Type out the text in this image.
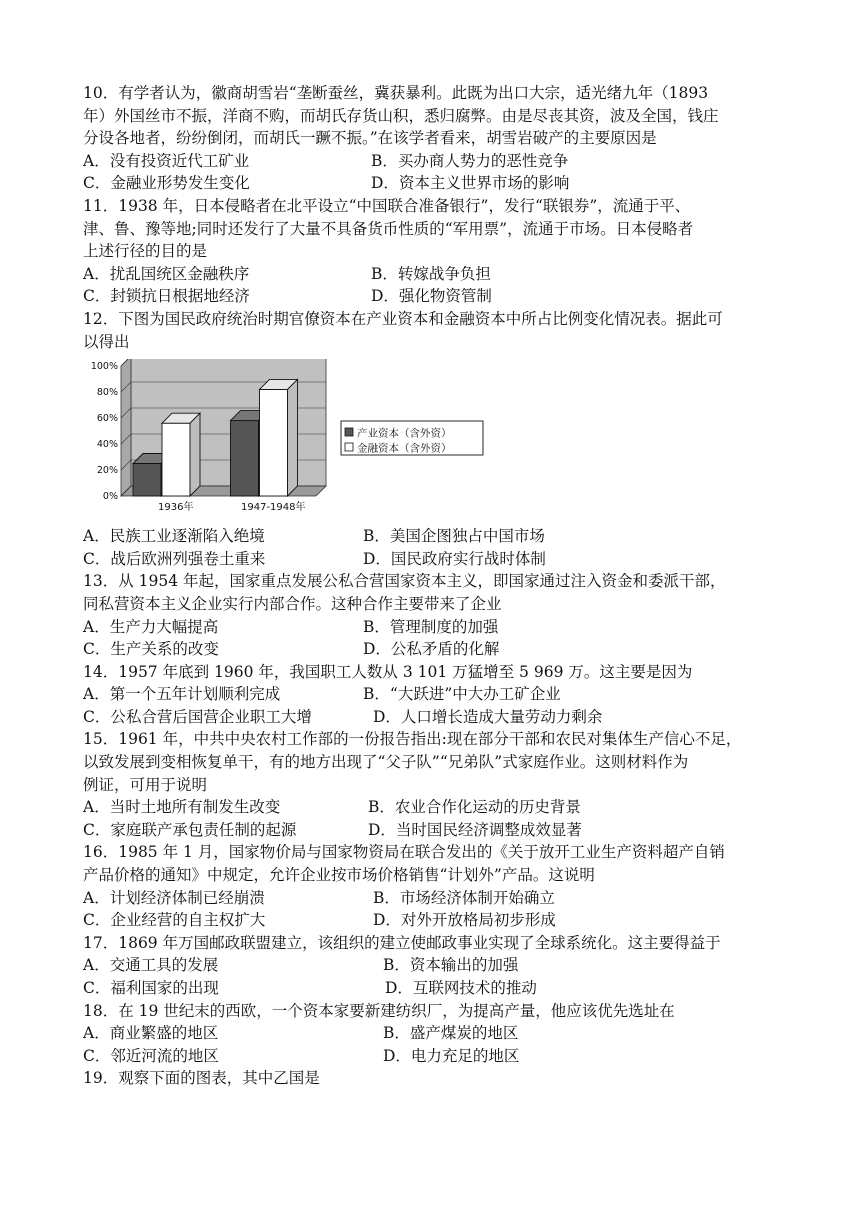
10．有学者认为，徽商胡雪岩“垄断蚕丝，冀获暴利。此既为出口大宗，适光绪九年（1893
年）外国丝市不振，洋商不购，而胡氏存货山积，悉归腐弊。由是尽丧其资，波及全国，钱庄
分设各地者，纷纷倒闭，而胡氏一蹶不振。”在该学者看来，胡雪岩破产的主要原因是
A．没有投资近代工矿业	B．买办商人势力的恶性竞争
C．金融业形势发生变化	D．资本主义世界市场的影响
11．1938 年，日本侵略者在北平设立“中国联合准备银行”，发行“联银券”，流通于平、
津、鲁、豫等地;同时还发行了大量不具备货币性质的“军用票”，流通于市场。日本侵略者
上述行径的目的是
A．扰乱国统区金融秩序	B．转嫁战争负担
C．封锁抗日根据地经济	D．强化物资管制
12．下图为国民政府统治时期官僚资本在产业资本和金融资本中所占比例变化情况表。据此可
以得出
0%
20%
40%
60%
80%
100%
1936年	1947-1948年
产业资本（含外资）
金融资本（含外资）
A．民族工业逐渐陷入绝境	B．美国企图独占中国市场
C．战后欧洲列强卷土重来	D．国民政府实行战时体制
13．从 1954 年起，国家重点发展公私合营国家资本主义，即国家通过注入资金和委派干部，
同私营资本主义企业实行内部合作。这种合作主要带来了企业
A．生产力大幅提高	B．管理制度的加强
C．生产关系的改变	D．公私矛盾的化解
14．1957 年底到 1960 年，我国职工人数从 3 101 万猛增至 5 969 万。这主要是因为
A．第一个五年计划顺利完成	B．“大跃进”中大办工矿企业
C．公私合营后国营企业职工大增	D．人口增长造成大量劳动力剩余
15．1961 年，中共中央农村工作部的一份报告指出:现在部分干部和农民对集体生产信心不足，
以致发展到变相恢复单干，有的地方出现了“父子队”“兄弟队”式家庭作业。这则材料作为
例证，可用于说明
A．当时土地所有制发生改变	B．农业合作化运动的历史背景
C．家庭联产承包责任制的起源	D．当时国民经济调整成效显著
16．1985 年 1 月，国家物价局与国家物资局在联合发出的《关于放开工业生产资料超产自销
产品价格的通知》中规定，允许企业按市场价格销售“计划外”产品。这说明
A．计划经济体制已经崩溃	B．市场经济体制开始确立
C．企业经营的自主权扩大	D．对外开放格局初步形成
17．1869 年万国邮政联盟建立，该组织的建立使邮政事业实现了全球系统化。这主要得益于
A．交通工具的发展	B．资本输出的加强
C．福利国家的出现	D．互联网技术的推动
18．在 19 世纪末的西欧，一个资本家要新建纺织厂，为提高产量，他应该优先选址在
A．商业繁盛的地区	B．盛产煤炭的地区
C．邻近河流的地区	D．电力充足的地区
19．观察下面的图表，其中乙国是
